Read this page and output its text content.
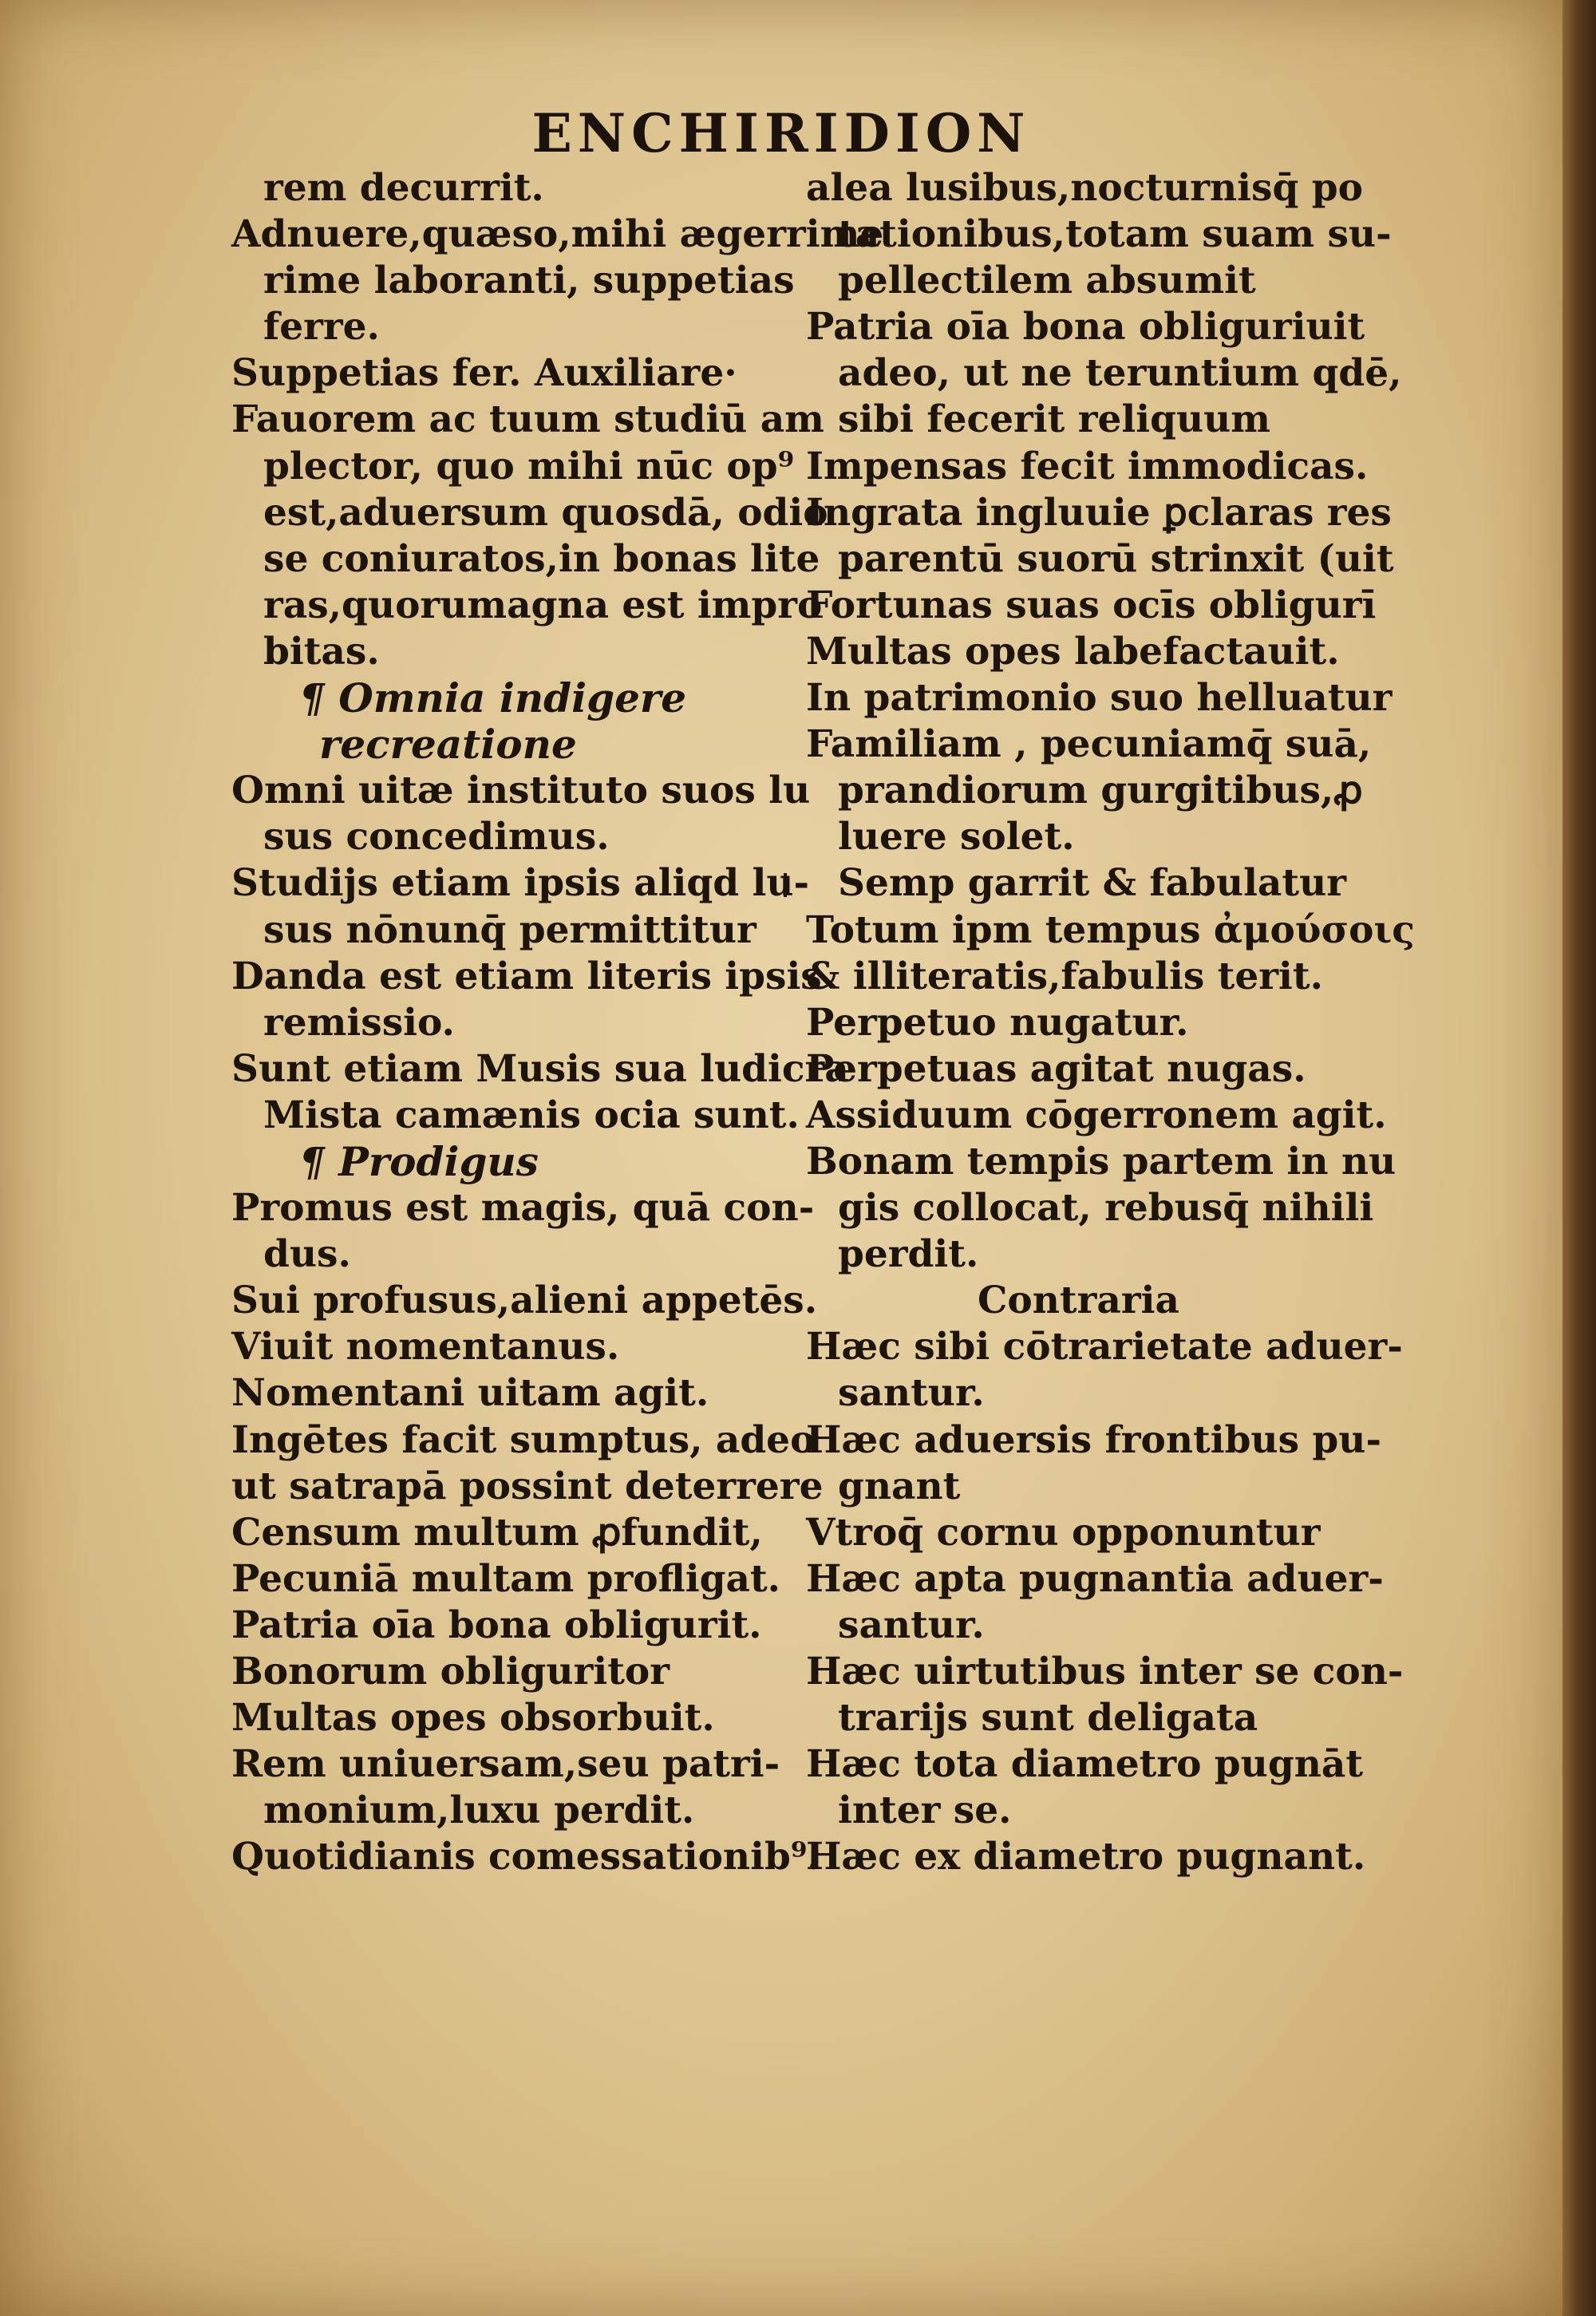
ENCHIRIDION
rem decurrit.
Adnuere,quæso,mihi ægerrime
rime laboranti, suppetias
ferre.
Suppetias fer. Auxiliare·
Fauorem ac tuum studiū am
plector, quo mihi nūc op⁹
est,aduersum quosdā, odio
se coniuratos,in bonas lite
ras,quorumagna est impro
bitas.
¶ Omnia indigere
recreatione
Omni uitæ instituto suos lu
sus concedimus.
Studijs etiam ipsis aliqd lu-
sus nōnunq̄ permittitur
Danda est etiam literis ipsis
remissio.
Sunt etiam Musis sua ludicra
Mista camænis ocia sunt.
¶ Prodigus
Promus est magis, quā con-
dus.
Sui profusus,alieni appetēs.
Viuit nomentanus.
Nomentani uitam agit.
Ingētes facit sumptus, adeo
ut satrapā possint deterrere
Censum multum ꝓfundit,
Pecuniā multam profligat.
Patria oīa bona obligurit.
Bonorum obliguritor
Multas opes obsorbuit.
Rem uniuersam,seu patri-
monium,luxu perdit.
Quotidianis comessationib⁹.
alea lusibus,nocturnisq̄ po
tationibus,totam suam su-
pellectilem absumit
Patria oīa bona obliguriuit
adeo, ut ne teruntium qdē,
sibi fecerit reliquum
Impensas fecit immodicas.
Ingrata ingluuie ꝑclaras res
parentū suorū strinxit (uit
Fortunas suas ocīs obligurī
Multas opes labefactauit.
In patrimonio suo helluatur
Familiam , pecuniamq̄ suā,
prandiorum gurgitibus,ꝓ
luere solet.
Semp garrit & fabulatur
Totum ipm tempus ἀμούσοις
& illiteratis,fabulis terit.
Perpetuo nugatur.
Perpetuas agitat nugas.
Assiduum cōgerronem agit.
Bonam tempis partem in nu
gis collocat, rebusq̄ nihili
perdit.
Contraria
Hæc sibi cōtrarietate aduer-
santur.
Hæc aduersis frontibus pu-
gnant
Vtroq̄ cornu opponuntur
Hæc apta pugnantia aduer-
santur.
Hæc uirtutibus inter se con-
trarijs sunt deligata
Hæc tota diametro pugnāt
inter se.
Hæc ex diametro pugnant.
